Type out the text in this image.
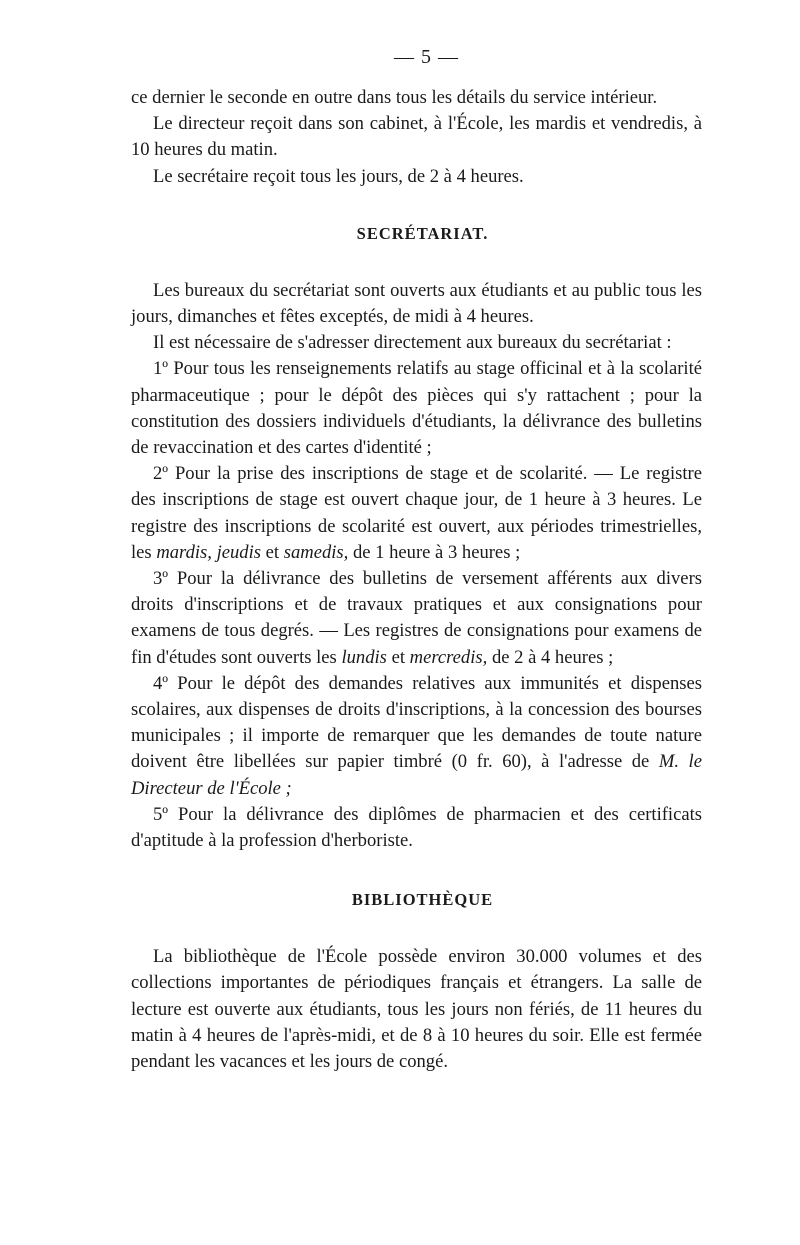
— 5 —

ce dernier le seconde en outre dans tous les détails du service intérieur.

Le directeur reçoit dans son cabinet, à l'École, les mardis et vendredis, à 10 heures du matin.

Le secrétaire reçoit tous les jours, de 2 à 4 heures.

SECRÉTARIAT.

Les bureaux du secrétariat sont ouverts aux étudiants et au public tous les jours, dimanches et fêtes exceptés, de midi à 4 heures.

Il est nécessaire de s'adresser directement aux bureaux du secrétariat :

1º Pour tous les renseignements relatifs au stage officinal et à la scolarité pharmaceutique ; pour le dépôt des pièces qui s'y rattachent ; pour la constitution des dossiers individuels d'étudiants, la délivrance des bulletins de revaccination et des cartes d'identité ;

2º Pour la prise des inscriptions de stage et de scolarité. — Le registre des inscriptions de stage est ouvert chaque jour, de 1 heure à 3 heures. Le registre des inscriptions de scolarité est ouvert, aux périodes trimestrielles, les mardis, jeudis et samedis, de 1 heure à 3 heures ;

3º Pour la délivrance des bulletins de versement afférents aux divers droits d'inscriptions et de travaux pratiques et aux consignations pour examens de tous degrés. — Les registres de consignations pour examens de fin d'études sont ouverts les lundis et mercredis, de 2 à 4 heures ;

4º Pour le dépôt des demandes relatives aux immunités et dispenses scolaires, aux dispenses de droits d'inscriptions, à la concession des bourses municipales ; il importe de remarquer que les demandes de toute nature doivent être libellées sur papier timbré (0 fr. 60), à l'adresse de M. le Directeur de l'École ;

5º Pour la délivrance des diplômes de pharmacien et des certificats d'aptitude à la profession d'herboriste.

BIBLIOTHÈQUE

La bibliothèque de l'École possède environ 30.000 volumes et des collections importantes de périodiques français et étrangers. La salle de lecture est ouverte aux étudiants, tous les jours non fériés, de 11 heures du matin à 4 heures de l'après-midi, et de 8 à 10 heures du soir. Elle est fermée pendant les vacances et les jours de congé.
